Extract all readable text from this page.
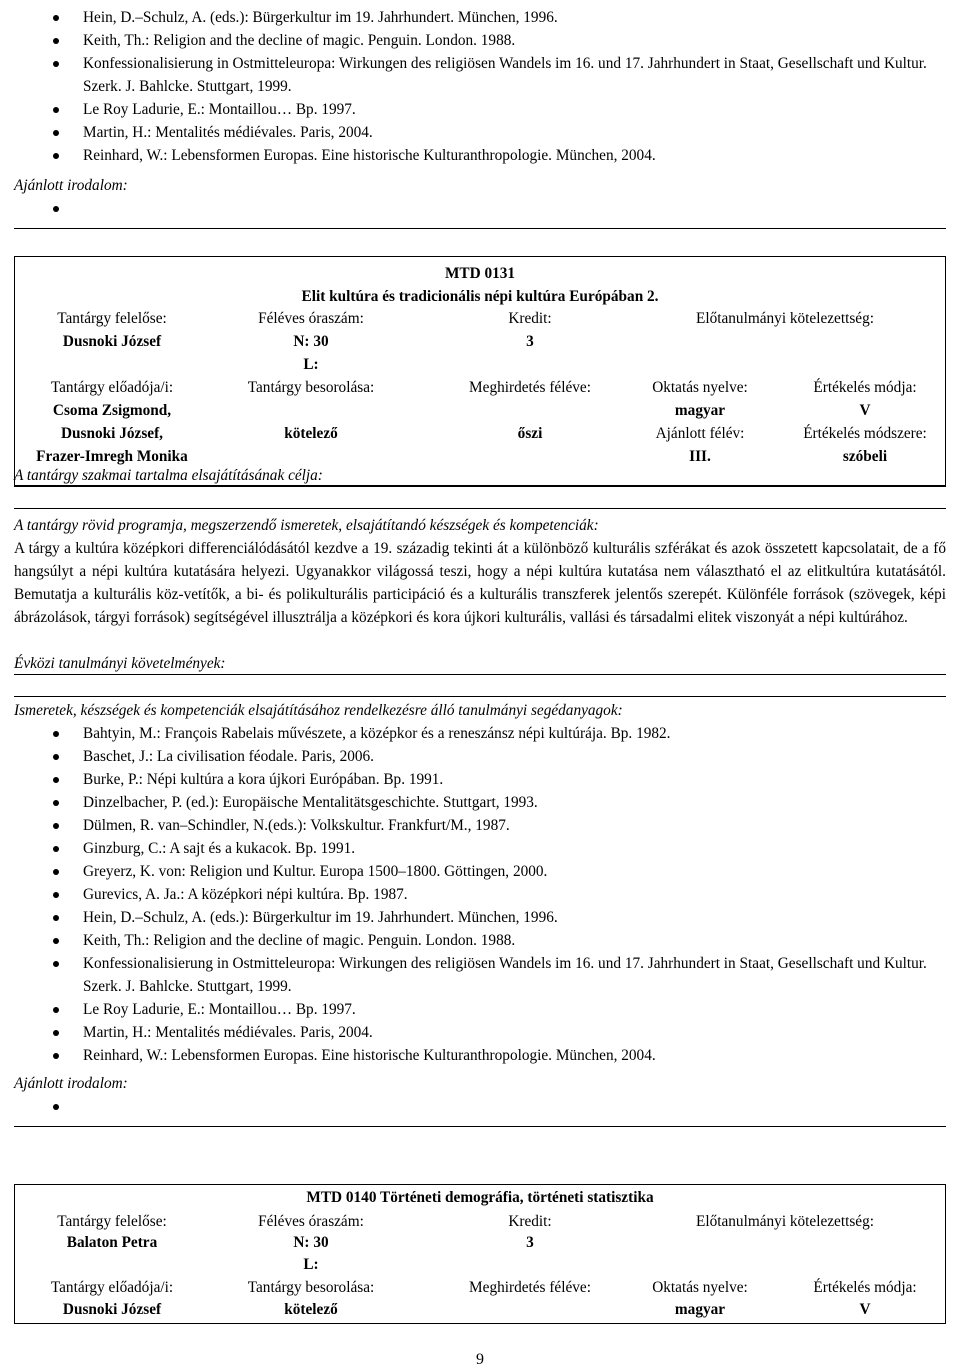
Hein, D.–Schulz, A. (eds.): Bürgerkultur im 19. Jahrhundert. München, 1996.
Keith, Th.: Religion and the decline of magic. Penguin. London. 1988.
Konfessionalisierung in Ostmitteleuropa: Wirkungen des religiösen Wandels im 16. und 17. Jahrhundert in Staat, Gesellschaft und Kultur. Szerk. J. Bahlcke. Stuttgart, 1999.
Le Roy Ladurie, E.: Montaillou… Bp. 1997.
Martin, H.: Mentalités médiévales. Paris, 2004.
Reinhard, W.: Lebensformen Europas. Eine historische Kulturanthropologie. München, 2004.
Ajánlott irodalom:
MTD 0131
Elit kultúra és tradicionális népi kultúra Európában 2.
Tantárgy felelőse:
Dusnoki József
Féléves óraszám:
N: 30
L:
Kredit:
3
Előtanulmányi kötelezettség:
Tantárgy előadója/i:
Csoma Zsigmond,
Dusnoki József,
Frazer-Imregh Monika
Tantárgy besorolása:
kötelező
Meghirdetés féléve:
őszi
Oktatás nyelve:
magyar
Ajánlott félév:
III.
Értékelés módja:
V
Értékelés módszere:
szóbeli
A tantárgy szakmai tartalma elsajátításának célja:
A tantárgy rövid programja, megszerzendő ismeretek, elsajátítandó készségek és kompetenciák:
A tárgy a kultúra középkori differenciálódásától kezdve a 19. századig tekinti át a különböző kulturális szférákat és azok összetett kapcsolatait, de a fő hangsúlyt a népi kultúra kutatására helyezi. Ugyanakkor világossá teszi, hogy a népi kultúra kutatása nem választható el az elitkultúra kutatásától. Bemutatja a kulturális köz-vetítők, a bi- és polikulturális participáció és a kulturális transzferek jelentős szerepét. Különféle források (szövegek, képi ábrázolások, tárgyi források) segítségével illusztrálja a középkori és kora újkori kulturális, vallási és társadalmi elitek viszonyát a népi kultúrához.
Évközi tanulmányi követelmények:
Ismeretek, készségek és kompetenciák elsajátításához rendelkezésre álló tanulmányi segédanyagok:
Bahtyin, M.: François Rabelais művészete, a középkor és a reneszánsz népi kultúrája. Bp. 1982.
Baschet, J.: La civilisation féodale. Paris, 2006.
Burke, P.: Népi kultúra a kora újkori Európában. Bp. 1991.
Dinzelbacher, P. (ed.): Europäische Mentalitätsgeschichte. Stuttgart, 1993.
Dülmen, R. van–Schindler, N.(eds.): Volkskultur. Frankfurt/M., 1987.
Ginzburg, C.: A sajt és a kukacok. Bp. 1991.
Greyerz, K. von: Religion und Kultur. Europa 1500–1800. Göttingen, 2000.
Gurevics, A. Ja.: A középkori népi kultúra. Bp. 1987.
Hein, D.–Schulz, A. (eds.): Bürgerkultur im 19. Jahrhundert. München, 1996.
Keith, Th.: Religion and the decline of magic. Penguin. London. 1988.
Konfessionalisierung in Ostmitteleuropa: Wirkungen des religiösen Wandels im 16. und 17. Jahrhundert in Staat, Gesellschaft und Kultur. Szerk. J. Bahlcke. Stuttgart, 1999.
Le Roy Ladurie, E.: Montaillou… Bp. 1997.
Martin, H.: Mentalités médiévales. Paris, 2004.
Reinhard, W.: Lebensformen Europas. Eine historische Kulturanthropologie. München, 2004.
Ajánlott irodalom:
MTD 0140 Történeti demográfia, történeti statisztika
Tantárgy felelőse:
Balaton Petra
Féléves óraszám:
N: 30
L:
Kredit:
3
Előtanulmányi kötelezettség:
Tantárgy előadója/i:
Dusnoki József
Tantárgy besorolása:
kötelező
Meghirdetés féléve:	Oktatás nyelve:
magyar
Értékelés módja:
V
9
